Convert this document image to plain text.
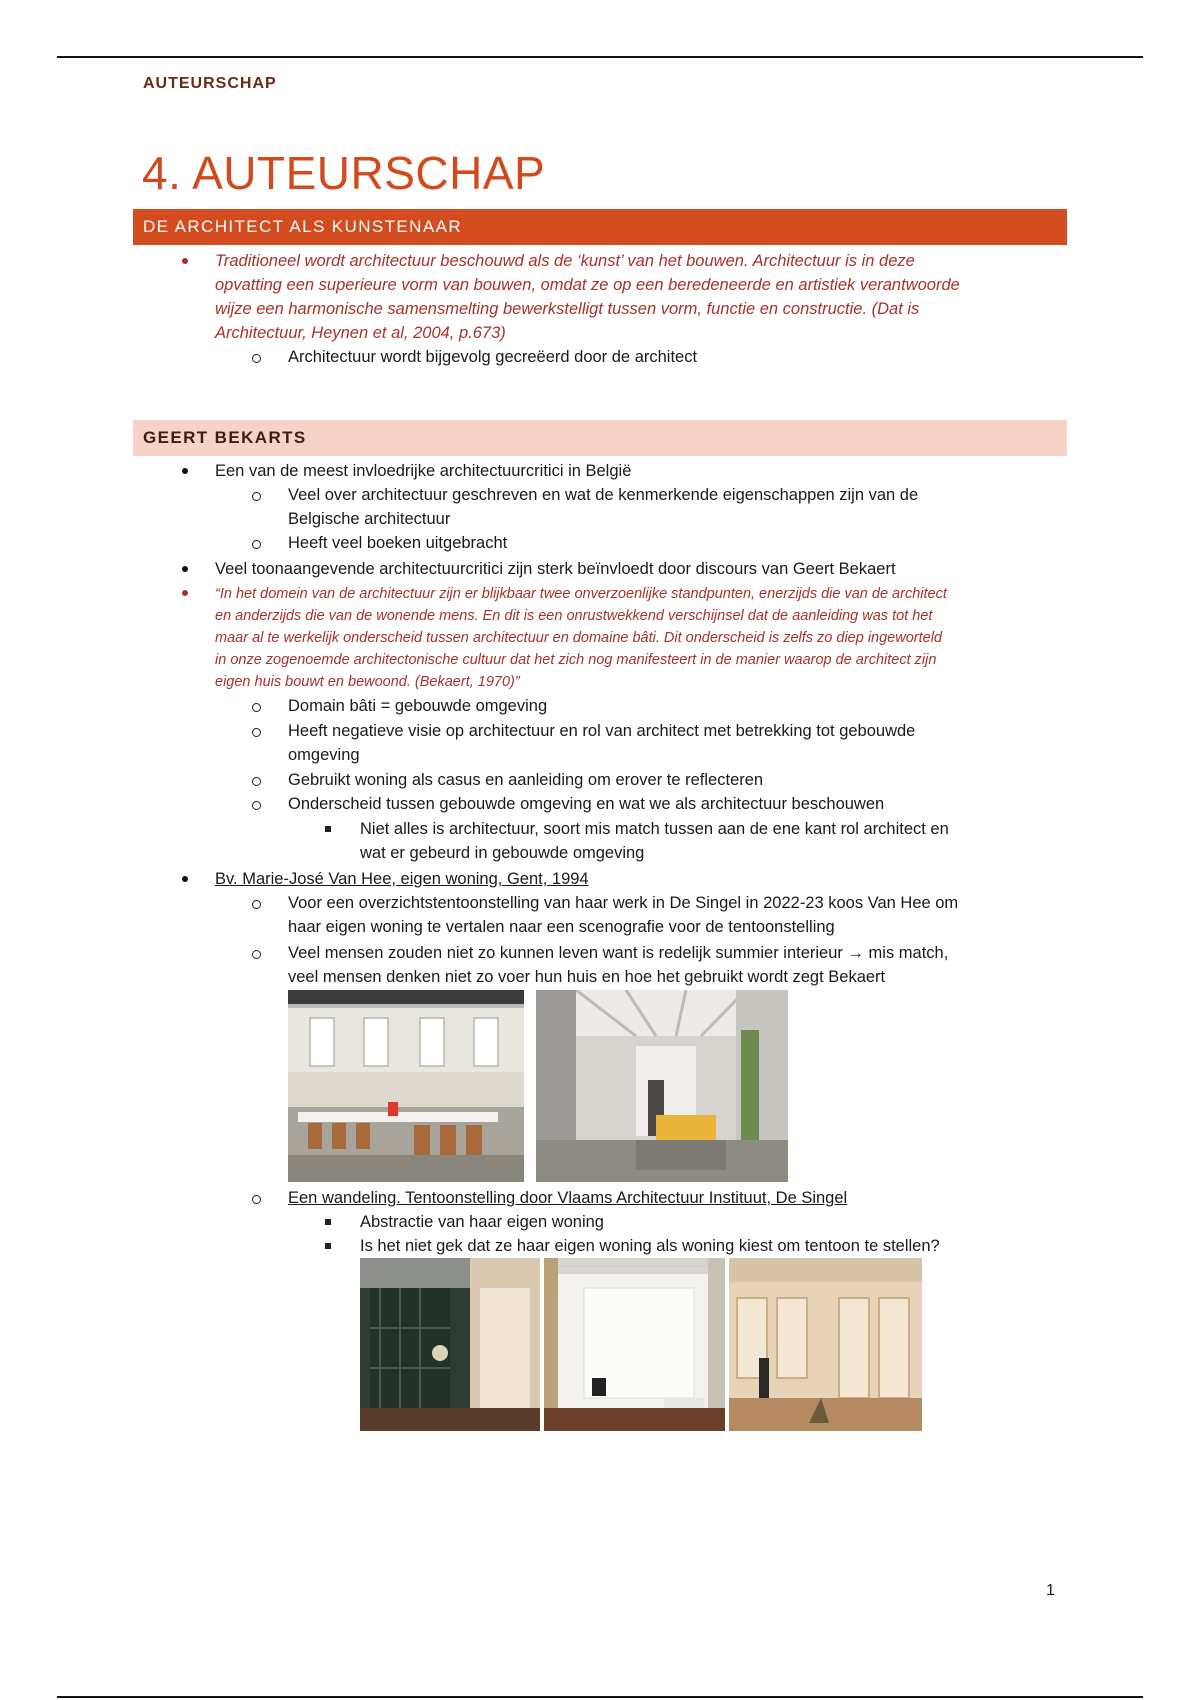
AUTEURSCHAP
4. AUTEURSCHAP
DE ARCHITECT ALS KUNSTENAAR
Traditioneel wordt architectuur beschouwd als de ‘kunst’ van het bouwen. Architectuur is in deze
opvatting een superieure vorm van bouwen, omdat ze op een beredeneerde en artistiek verantwoorde
wijze een harmonische samensmelting bewerkstelligt tussen vorm, functie en constructie. (Dat is
Architectuur, Heynen et al, 2004, p.673)
Architectuur wordt bijgevolg gecreëerd door de architect
GEERT BEKARTS
Een van de meest invloedrijke architectuurcritici in België
Veel over architectuur geschreven en wat de kenmerkende eigenschappen zijn van de
Belgische architectuur
Heeft veel boeken uitgebracht
Veel toonaangevende architectuurcritici zijn sterk beïnvloedt door discours van Geert Bekaert
“In het domein van de architectuur zijn er blijkbaar twee onverzoenlijke standpunten, enerzijds die van de architect
en anderzijds die van de wonende mens. En dit is een onrustwekkend verschijnsel dat de aanleiding was tot het
maar al te werkelijk onderscheid tussen architectuur en domaine bâti. Dit onderscheid is zelfs zo diep ingeworteld
in onze zogenoemde architectonische cultuur dat het zich nog manifesteert in de manier waarop de architect zijn
eigen huis bouwt en bewoond. (Bekaert, 1970)”
Domain bâti = gebouwde omgeving
Heeft negatieve visie op architectuur en rol van architect met betrekking tot gebouwde
omgeving
Gebruikt woning als casus en aanleiding om erover te reflecteren
Onderscheid tussen gebouwde omgeving en wat we als architectuur beschouwen
Niet alles is architectuur, soort mis match tussen aan de ene kant rol architect en
wat er gebeurd in gebouwde omgeving
Bv. Marie-José Van Hee, eigen woning, Gent, 1994
Voor een overzichtstentoonstelling van haar werk in De Singel in 2022-23 koos Van Hee om
haar eigen woning te vertalen naar een scenografie voor de tentoonstelling
Veel mensen zouden niet zo kunnen leven want is redelijk summier interieur → mis match,
veel mensen denken niet zo voer hun huis en hoe het gebruikt wordt zegt Bekaert
Een wandeling. Tentoonstelling door Vlaams Architectuur Instituut, De Singel
Abstractie van haar eigen woning
Is het niet gek dat ze haar eigen woning als woning kiest om tentoon te stellen?
1
